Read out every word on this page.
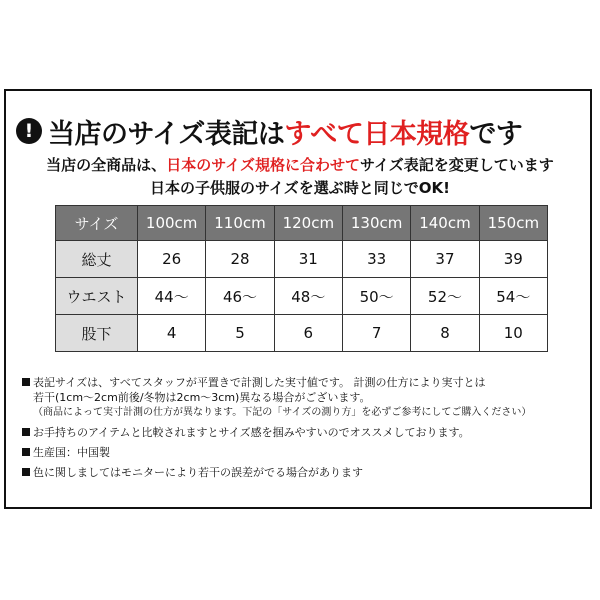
! 当店のサイズ表記は すべて日本規格 です
当店の全商品は、日本のサイズ規格に合わせてサイズ表記を変更しています
日本の子供服のサイズを選ぶ時と同じでOK!
サイズ	100cm	110cm	120cm	130cm	140cm	150cm
総丈	26	28	31	33	37	39
ウエスト	44〜	46〜	48〜	50〜	52〜	54〜
股下	4	5	6	7	8	10

表記サイズは、すべてスタッフが平置きで計測した実寸値です。 計測の仕方により実寸とは

若干(1cm〜2cm前後/冬物は2cm〜3cm)異なる場合がございます。

（商品によって実寸計測の仕方が異なります。下記の「サイズの測り方」を必ずご参考にしてご購入ください）

お手持ちのアイテムと比較されますとサイズ感を掴みやすいのでオススメしております。

生産国：中国製

色に関しましてはモニターにより若干の誤差がでる場合があります
